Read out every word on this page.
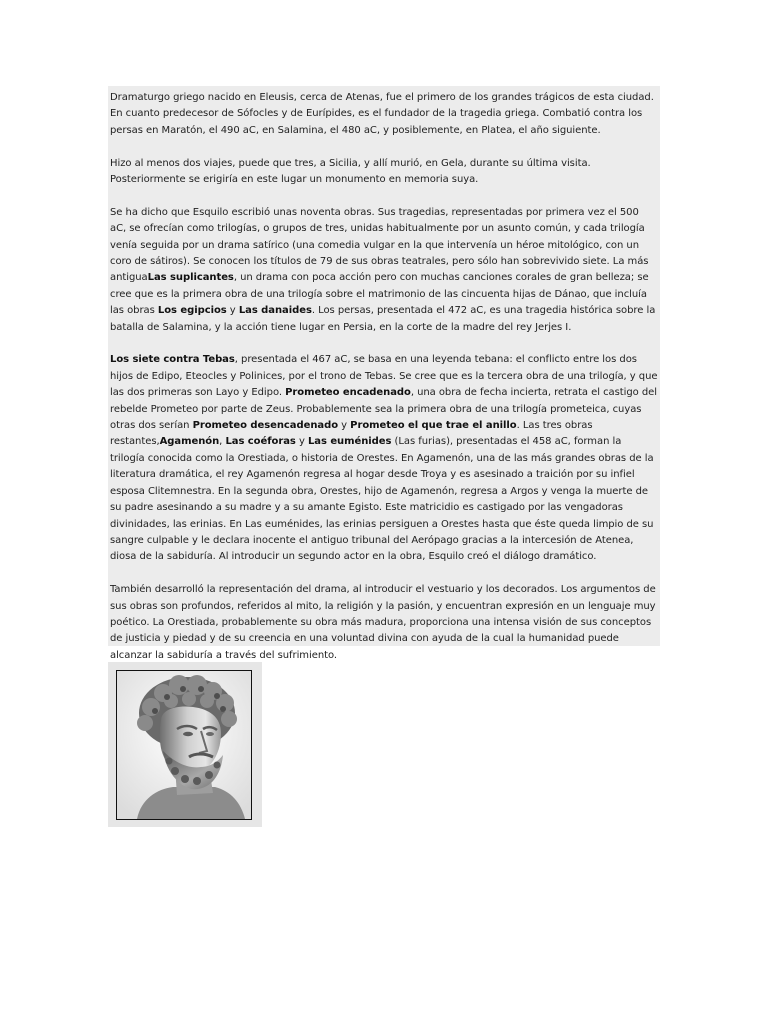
Dramaturgo griego nacido en Eleusis, cerca de Atenas, fue el primero de los grandes trágicos de esta ciudad. En cuanto predecesor de Sófocles y de Eurípides, es el fundador de la tragedia griega. Combatió contra los persas en Maratón, el 490 aC, en Salamina, el 480 aC, y posiblemente, en Platea, el año siguiente.

Hizo al menos dos viajes, puede que tres, a Sicilia, y allí murió, en Gela, durante su última visita. Posteriormente se erigiría en este lugar un monumento en memoria suya.

Se ha dicho que Esquilo escribió unas noventa obras. Sus tragedias, representadas por primera vez el 500 aC, se ofrecían como trilogías, o grupos de tres, unidas habitualmente por un asunto común, y cada trilogía venía seguida por un drama satírico (una comedia vulgar en la que intervenía un héroe mitológico, con un coro de sátiros). Se conocen los títulos de 79 de sus obras teatrales, pero sólo han sobrevivido siete. La más antiguaLas suplicantes, un drama con poca acción pero con muchas canciones corales de gran belleza; se cree que es la primera obra de una trilogía sobre el matrimonio de las cincuenta hijas de Dánao, que incluía las obras Los egipcios y Las danaides. Los persas, presentada el 472 aC, es una tragedia histórica sobre la batalla de Salamina, y la acción tiene lugar en Persia, en la corte de la madre del rey Jerjes I.

Los siete contra Tebas, presentada el 467 aC, se basa en una leyenda tebana: el conflicto entre los dos hijos de Edipo, Eteocles y Polinices, por el trono de Tebas. Se cree que es la tercera obra de una trilogía, y que las dos primeras son Layo y Edipo. Prometeo encadenado, una obra de fecha incierta, retrata el castigo del rebelde Prometeo por parte de Zeus. Probablemente sea la primera obra de una trilogía prometeica, cuyas otras dos serían Prometeo desencadenado y Prometeo el que trae el anillo. Las tres obras restantes,Agamenón, Las coéforas y Las euménides (Las furias), presentadas el 458 aC, forman la trilogía conocida como la Orestiada, o historia de Orestes. En Agamenón, una de las más grandes obras de la literatura dramática, el rey Agamenón regresa al hogar desde Troya y es asesinado a traición por su infiel esposa Clitemnestra. En la segunda obra, Orestes, hijo de Agamenón, regresa a Argos y venga la muerte de su padre asesinando a su madre y a su amante Egisto. Este matricidio es castigado por las vengadoras divinidades, las erinias. En Las euménides, las erinias persiguen a Orestes hasta que éste queda limpio de su sangre culpable y le declara inocente el antiguo tribunal del Aerópago gracias a la intercesión de Atenea, diosa de la sabiduría. Al introducir un segundo actor en la obra, Esquilo creó el diálogo dramático.

También desarrolló la representación del drama, al introducir el vestuario y los decorados. Los argumentos de sus obras son profundos, referidos al mito, la religión y la pasión, y encuentran expresión en un lenguaje muy poético. La Orestiada, probablemente su obra más madura, proporciona una intensa visión de sus conceptos de justicia y piedad y de su creencia en una voluntad divina con ayuda de la cual la humanidad puede alcanzar la sabiduría a través del sufrimiento.
